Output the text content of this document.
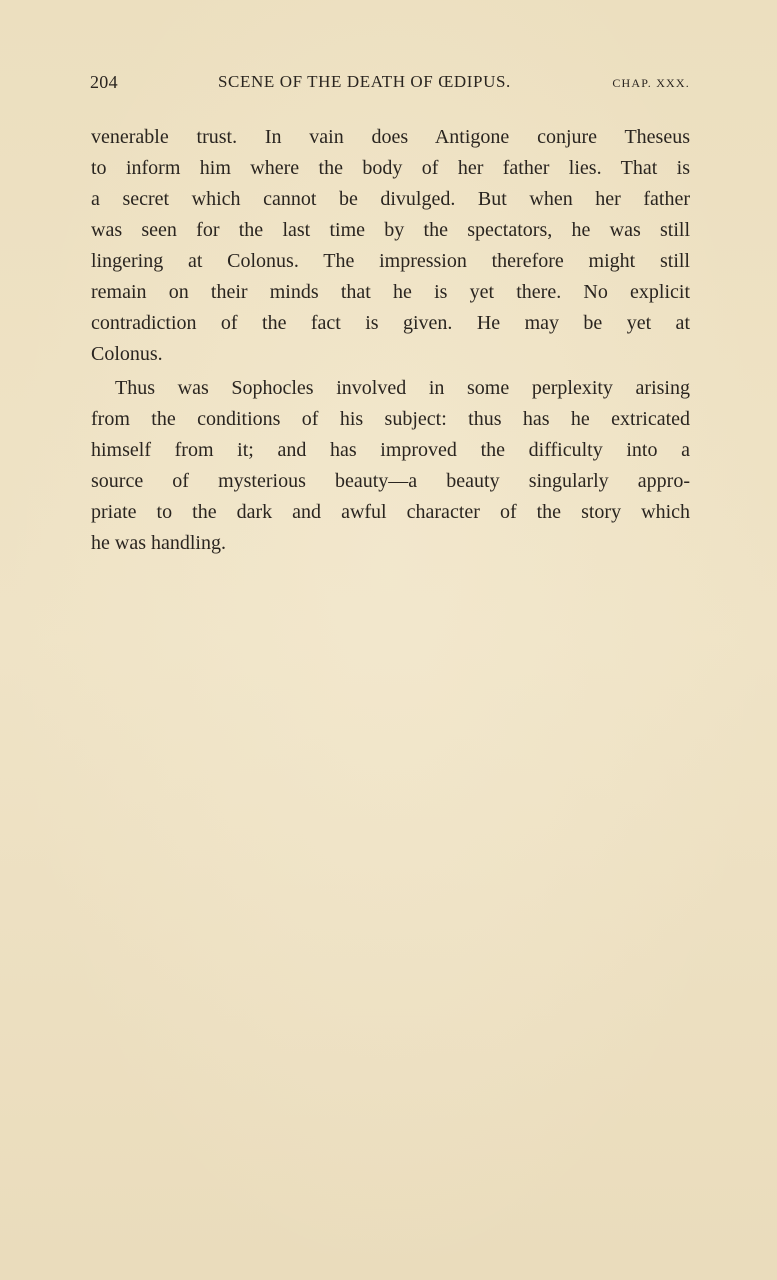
204	SCENE OF THE DEATH OF ŒDIPUS.	CHAP. XXX.

venerable trust. In vain does Antigone conjure Theseus
to inform him where the body of her father lies. That is
a secret which cannot be divulged. But when her father
was seen for the last time by the spectators, he was still
lingering at Colonus. The impression therefore might still
remain on their minds that he is yet there. No explicit
contradiction of the fact is given. He may be yet at
Colonus.

Thus was Sophocles involved in some perplexity arising
from the conditions of his subject: thus has he extricated
himself from it; and has improved the difficulty into a
source of mysterious beauty—a beauty singularly appro-
priate to the dark and awful character of the story which
he was handling.
